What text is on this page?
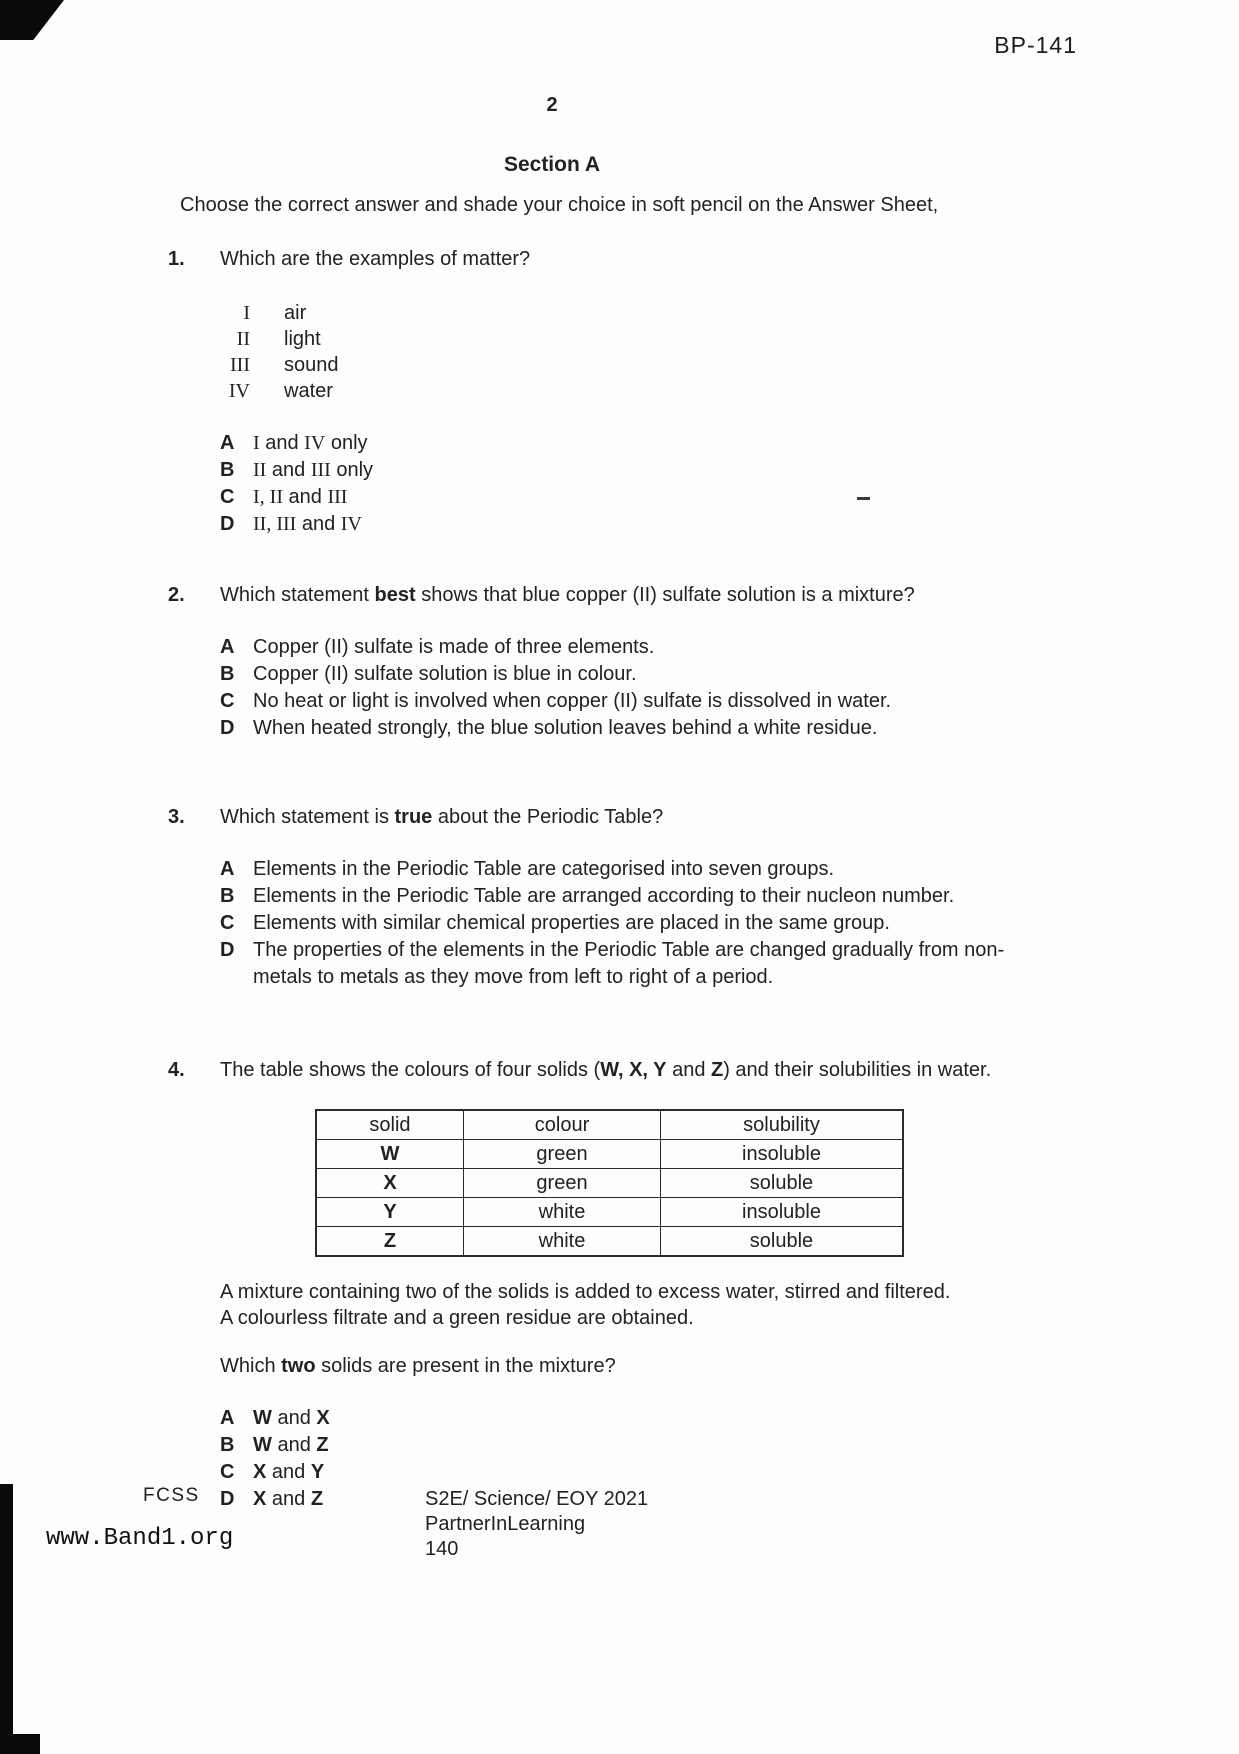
BP-141
2
Section A
Choose the correct answer and shade your choice in soft pencil on the Answer Sheet,
1.	Which are the examples of matter?
I air
II light
III sound
IV water
A I and IV only
B II and III only
C I, II and III
D II, III and IV
2.	Which statement best shows that blue copper (II) sulfate solution is a mixture?
A Copper (II) sulfate is made of three elements.
B Copper (II) sulfate solution is blue in colour.
C No heat or light is involved when copper (II) sulfate is dissolved in water.
D When heated strongly, the blue solution leaves behind a white residue.
3.	Which statement is true about the Periodic Table?
A Elements in the Periodic Table are categorised into seven groups.
B Elements in the Periodic Table are arranged according to their nucleon number.
C Elements with similar chemical properties are placed in the same group.
D The properties of the elements in the Periodic Table are changed gradually from non-metals to metals as they move from left to right of a period.
4.	The table shows the colours of four solids (W, X, Y and Z) and their solubilities in water.
solid	colour	solubility
W	green	insoluble
X	green	soluble
Y	white	insoluble
Z	white	soluble
A mixture containing two of the solids is added to excess water, stirred and filtered.
A colourless filtrate and a green residue are obtained.
Which two solids are present in the mixture?
A W and X
B W and Z
C X and Y
D X and Z
FCSS	S2E/ Science/ EOY 2021
PartnerInLearning
140
www.Band1.org
